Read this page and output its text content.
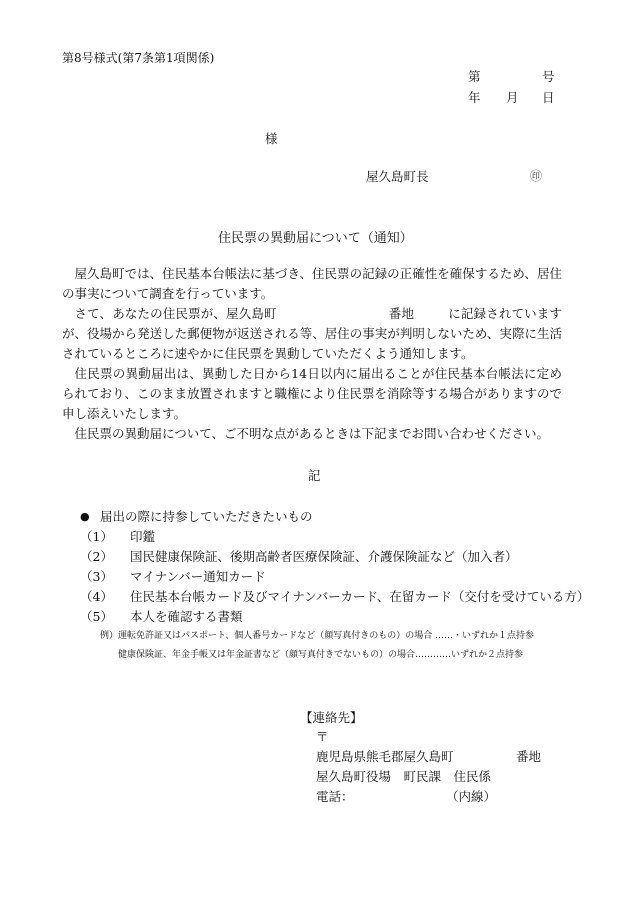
第8号様式(第7条第1項関係)
第	号
年 月 日
様
屋久島町長	㊞
住民票の異動届について（通知）
屋久島町では、住民基本台帳法に基づき、住民票の記録の正確性を確保するため、居住の事実について調査を行っています。
さて、あなたの住民票が、屋久島町	番地	に記録されていますが、役場から発送した郵便物が返送される等、居住の事実が判明しないため、実際に生活されているところに速やかに住民票を異動していただくよう通知します。
住民票の異動届出は、異動した日から14日以内に届出ることが住民基本台帳法に定められており、このまま放置されますと職権により住民票を消除等する場合がありますので申し添えいたします。
住民票の異動届について、ご不明な点があるときは下記までお問い合わせください。
記
● 届出の際に持参していただきたいもの
（1） 印鑑
（2） 国民健康保険証、後期高齢者医療保険証、介護保険証など（加入者）
（3） マイナンバー通知カード
（4） 住民基本台帳カード及びマイナンバーカード、在留カード（交付を受けている方）
（5） 本人を確認する書類
例）運転免許証又はパスポート、個人番号カードなど（顔写真付きのもの）の場合 ……・いずれか１点持参
健康保険証、年金手帳又は年金証書など（顔写真付きでないもの）の場合…………いずれか２点持参
【連絡先】
〒
鹿児島県熊毛郡屋久島町	番地
屋久島町役場　町民課　住民係
電話：	（内線）
